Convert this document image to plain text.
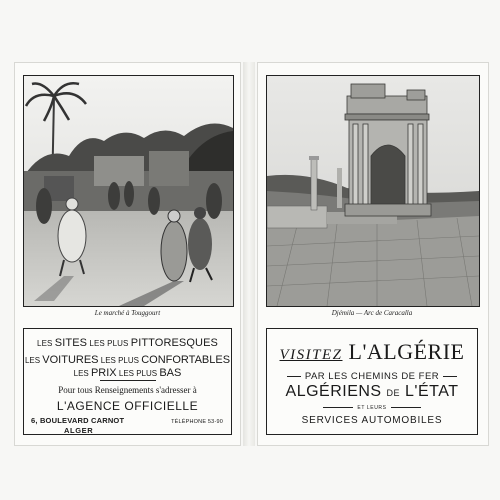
Le marché à Touggourt
LES SITES LES PLUS PITTORESQUES
LES VOITURES LES PLUS CONFORTABLES
LES PRIX LES PLUS BAS
Pour tous Renseignements s'adresser à
L'AGENCE OFFICIELLE
6, BOULEVARD CARNOT
ALGER
TÉLÉPHONE 53-90
Djémila — Arc de Caracalla
VISITEZ L'ALGÉRIE
PAR LES CHEMINS DE FER
ALGÉRIENS DE L'ÉTAT
ET LEURS
SERVICES AUTOMOBILES
